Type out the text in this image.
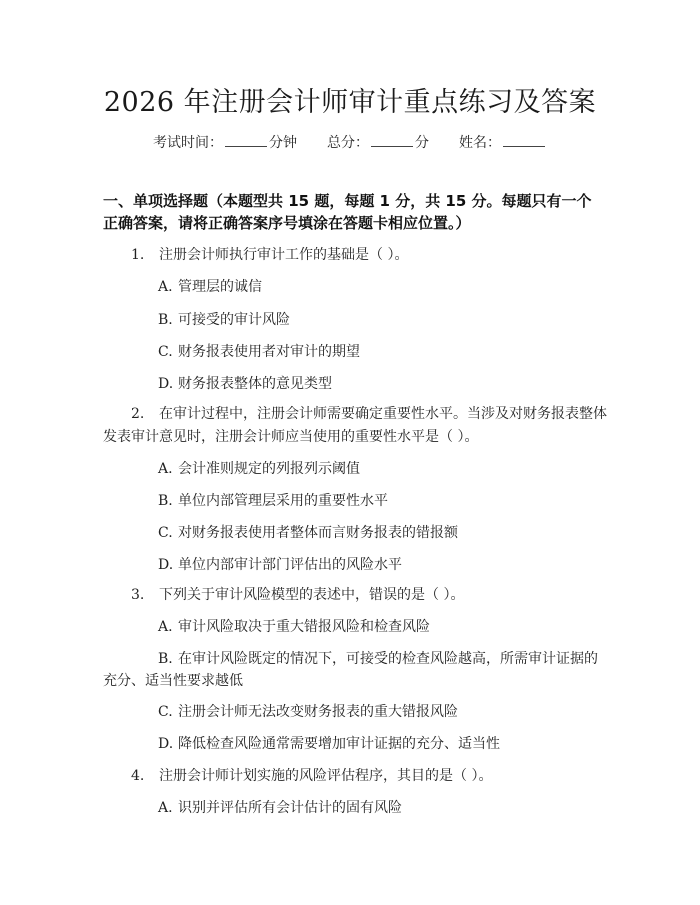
2026 年注册会计师审计重点练习及答案
考试时间：	分钟 总分：	分 姓名：
一、单项选择题（本题型共 15 题，每题 1 分，共 15 分。每题只有一个正确答案，请将正确答案序号填涂在答题卡相应位置。）
1. 注册会计师执行审计工作的基础是（ ）。
A. 管理层的诚信
B. 可接受的审计风险
C. 财务报表使用者对审计的期望
D. 财务报表整体的意见类型
2. 在审计过程中，注册会计师需要确定重要性水平。当涉及对财务报表整体
发表审计意见时，注册会计师应当使用的重要性水平是（ ）。
A. 会计准则规定的列报列示阈值
B. 单位内部管理层采用的重要性水平
C. 对财务报表使用者整体而言财务报表的错报额
D. 单位内部审计部门评估出的风险水平
3. 下列关于审计风险模型的表述中，错误的是（ ）。
A. 审计风险取决于重大错报风险和检查风险
B. 在审计风险既定的情况下，可接受的检查风险越高，所需审计证据的
充分、适当性要求越低
C. 注册会计师无法改变财务报表的重大错报风险
D. 降低检查风险通常需要增加审计证据的充分、适当性
4. 注册会计师计划实施的风险评估程序，其目的是（ ）。
A. 识别并评估所有会计估计的固有风险
